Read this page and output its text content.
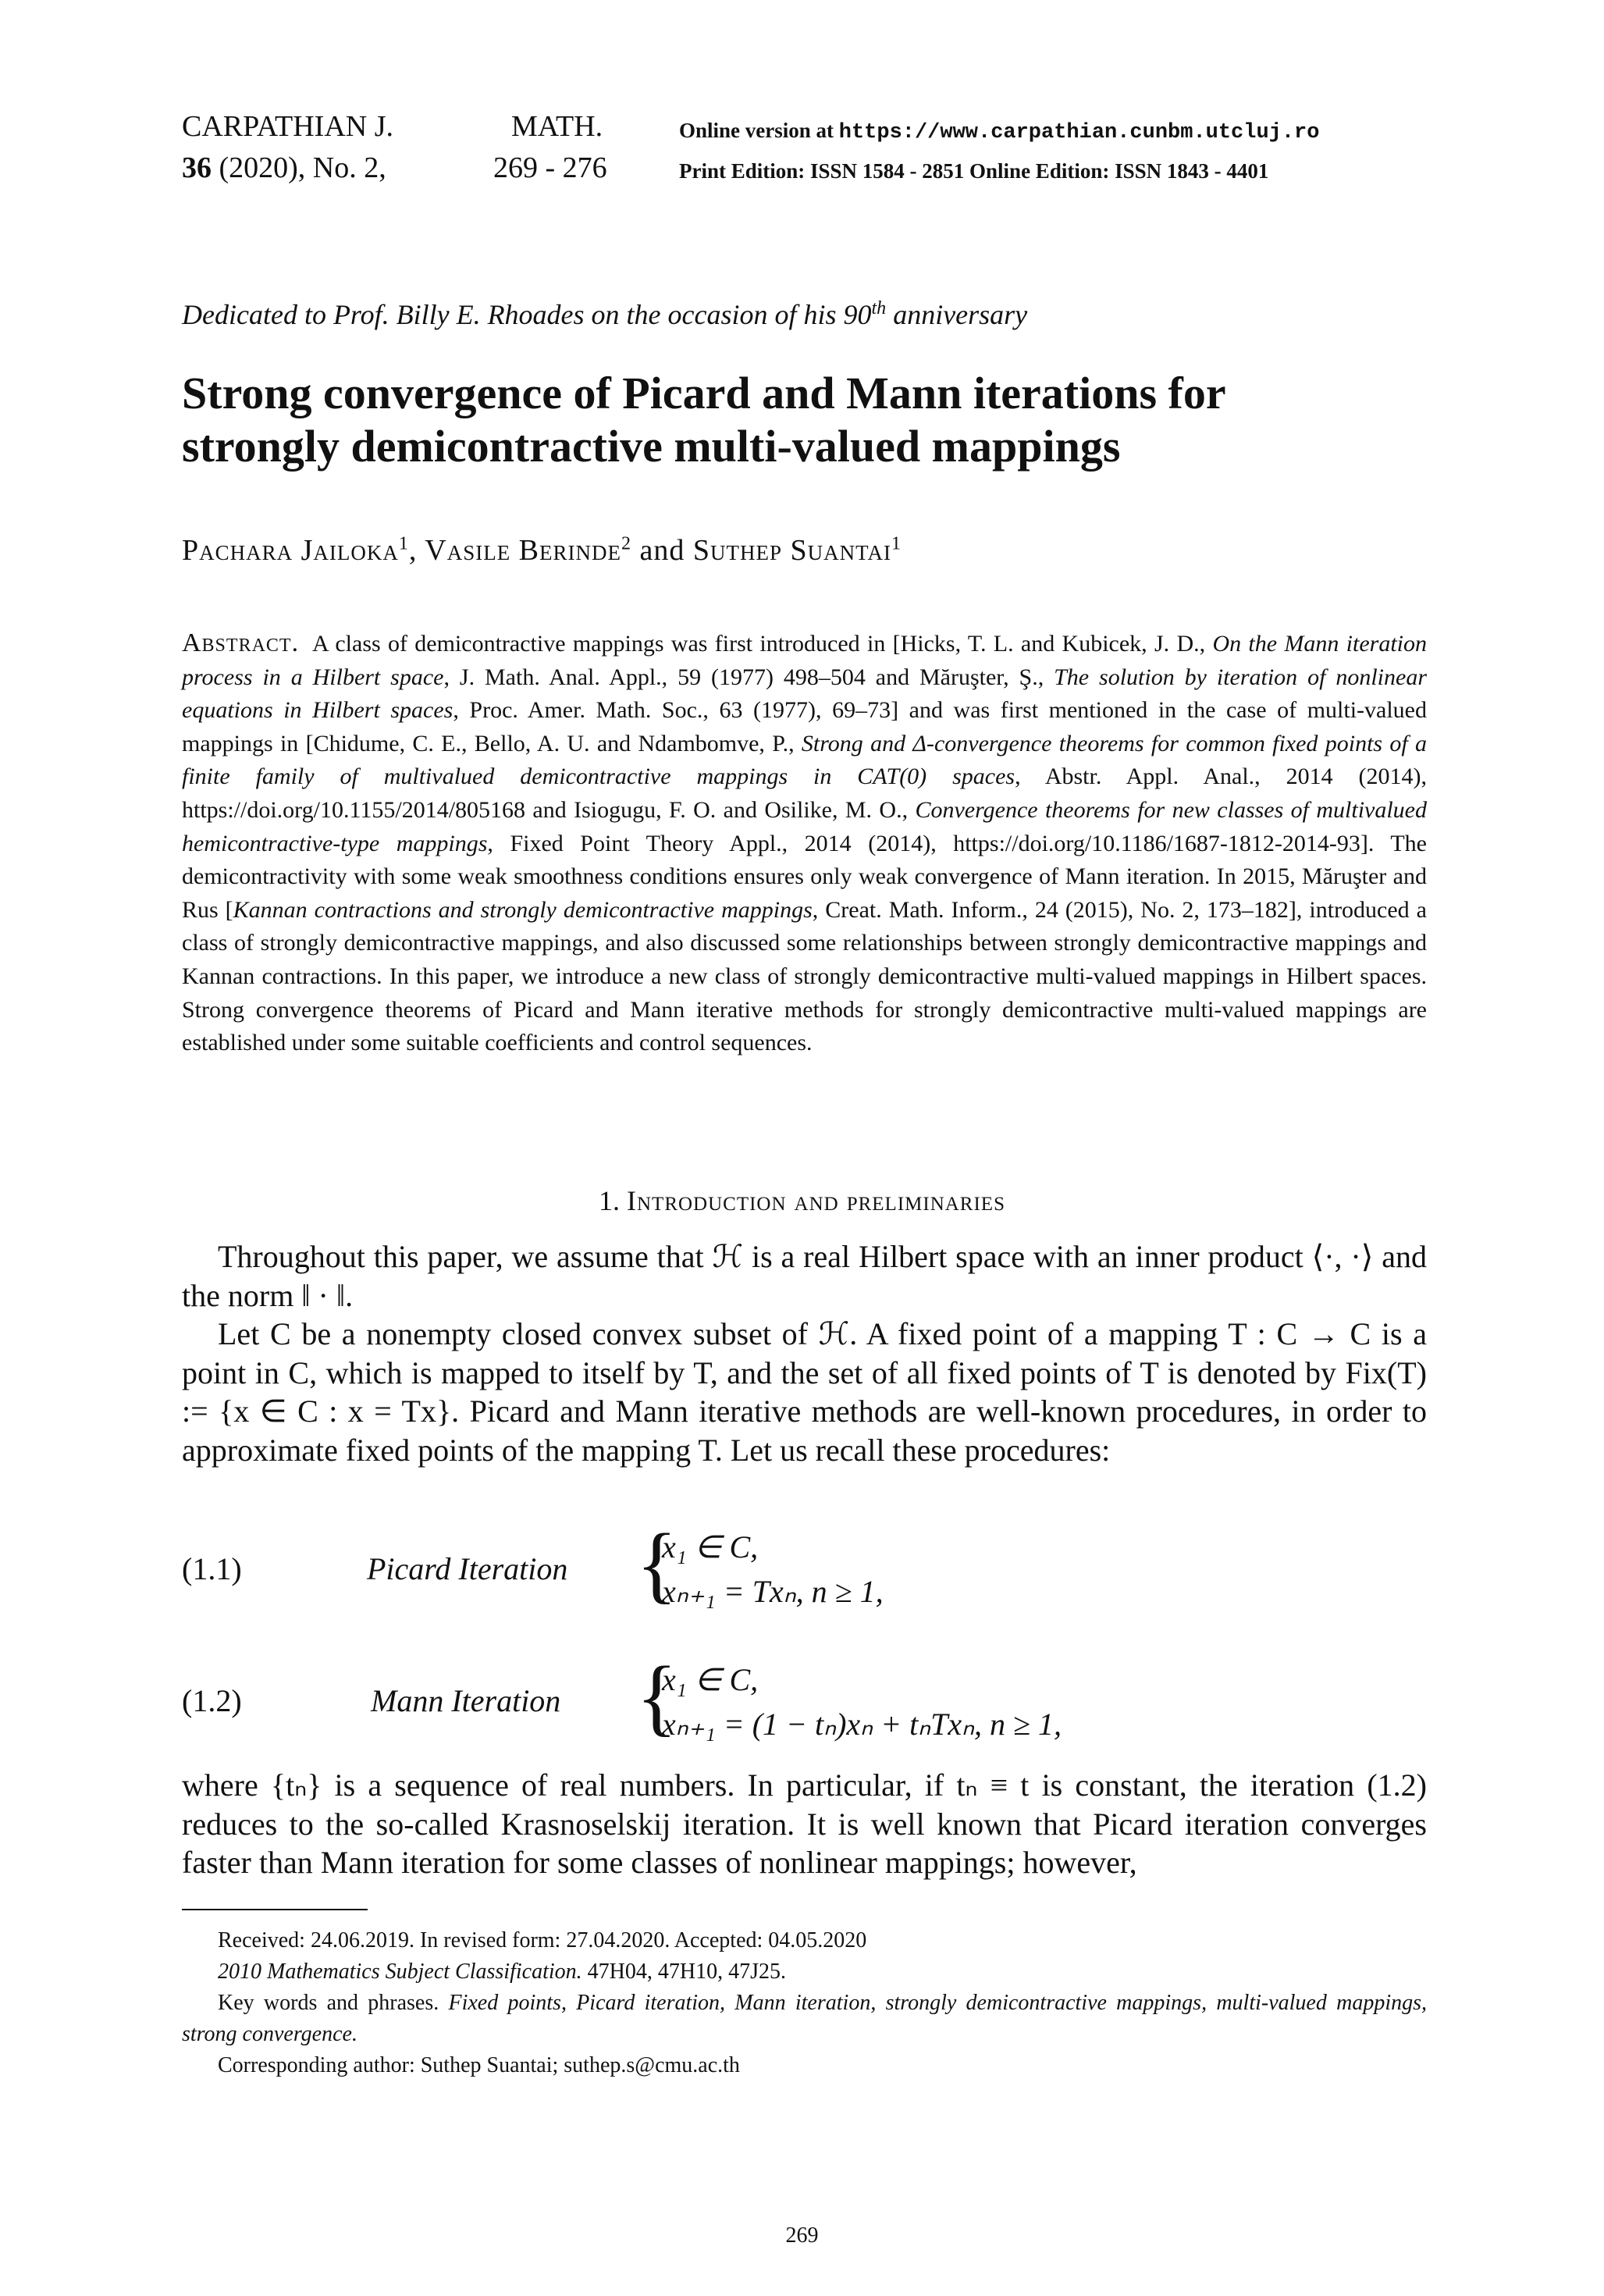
CARPATHIAN J.	MATH.
36 (2020), No. 2,	269 - 276
Online version at https://www.carpathian.cunbm.utcluj.ro
Print Edition: ISSN 1584 - 2851 Online Edition: ISSN 1843 - 4401
Dedicated to Prof. Billy E. Rhoades on the occasion of his 90th anniversary
Strong convergence of Picard and Mann iterations for
strongly demicontractive multi-valued mappings
Pachara Jailoka$^1$, Vasile Berinde$^2$ and Suthep Suantai$^1$
Abstract. A class of demicontractive mappings was first introduced in [Hicks, T. L. and Kubicek, J. D., On the Mann iteration process in a Hilbert space, J. Math. Anal. Appl., 59 (1977) 498–504 and Măruşter, Ş., The solution by iteration of nonlinear equations in Hilbert spaces, Proc. Amer. Math. Soc., 63 (1977), 69–73] and was first mentioned in the case of multi-valued mappings in [Chidume, C. E., Bello, A. U. and Ndambomve, P., Strong and Δ-convergence theorems for common fixed points of a finite family of multivalued demicontractive mappings in CAT(0) spaces, Abstr. Appl. Anal., 2014 (2014), https://doi.org/10.1155/2014/805168 and Isiogugu, F. O. and Osilike, M. O., Convergence theorems for new classes of multivalued hemicontractive-type mappings, Fixed Point Theory Appl., 2014 (2014), https://doi.org/10.1186/1687-1812-2014-93]. The demicontractivity with some weak smoothness conditions ensures only weak convergence of Mann iteration. In 2015, Măruşter and Rus [Kannan contractions and strongly demicontractive mappings, Creat. Math. Inform., 24 (2015), No. 2, 173–182], introduced a class of strongly demicontractive mappings, and also discussed some relationships between strongly demicontractive mappings and Kannan contractions. In this paper, we introduce a new class of strongly demicontractive multi-valued mappings in Hilbert spaces. Strong convergence theorems of Picard and Mann iterative methods for strongly demicontractive multi-valued mappings are established under some suitable coefficients and control sequences.
1. Introduction and preliminaries
Throughout this paper, we assume that ℋ is a real Hilbert space with an inner product ⟨·, ·⟩ and the norm ‖ · ‖.
Let C be a nonempty closed convex subset of ℋ. A fixed point of a mapping T : C → C is a point in C, which is mapped to itself by T, and the set of all fixed points of T is denoted by Fix(T) := {x ∈ C : x = Tx}. Picard and Mann iterative methods are well-known procedures, in order to approximate fixed points of the mapping T. Let us recall these procedures:
(1.1)	Picard Iteration {
x₁ ∈ C,
xₙ₊₁ = Txₙ, n ≥ 1,
(1.2)	Mann Iteration {
x₁ ∈ C,
xₙ₊₁ = (1 − tₙ)xₙ + tₙTxₙ, n ≥ 1,
where {tₙ} is a sequence of real numbers. In particular, if tₙ ≡ t is constant, the iteration (1.2) reduces to the so-called Krasnoselskij iteration. It is well known that Picard iteration converges faster than Mann iteration for some classes of nonlinear mappings; however,
Received: 24.06.2019. In revised form: 27.04.2020. Accepted: 04.05.2020
2010 Mathematics Subject Classification. 47H04, 47H10, 47J25.
Key words and phrases. Fixed points, Picard iteration, Mann iteration, strongly demicontractive mappings, multi-valued mappings, strong convergence.
Corresponding author: Suthep Suantai; suthep.s@cmu.ac.th
269
